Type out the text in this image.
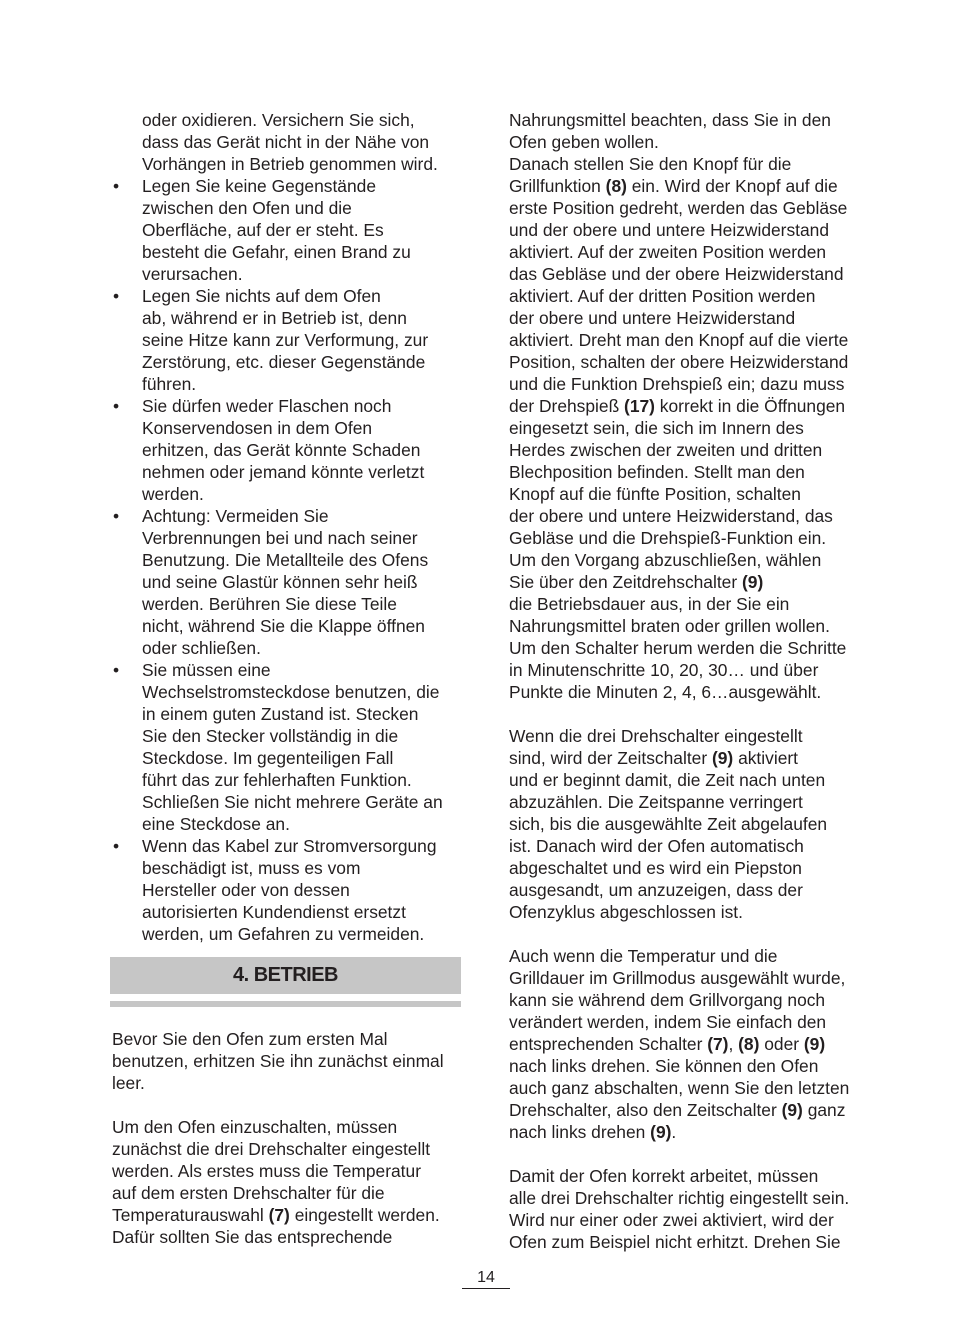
oder oxidieren. Versichern Sie sich,
dass das Gerät nicht in der Nähe von
Vorhängen in Betrieb genommen wird.
• Legen Sie keine Gegenstände
zwischen den Ofen und die
Oberfläche, auf der er steht. Es
besteht die Gefahr, einen Brand zu
verursachen.
• Legen Sie nichts auf dem Ofen
ab, während er in Betrieb ist, denn
seine Hitze kann zur Verformung, zur
Zerstörung, etc. dieser Gegenstände
führen.
• Sie dürfen weder Flaschen noch
Konservendosen in dem Ofen
erhitzen, das Gerät könnte Schaden
nehmen oder jemand könnte verletzt
werden.
• Achtung: Vermeiden Sie
Verbrennungen bei und nach seiner
Benutzung. Die Metallteile des Ofens
und seine Glastür können sehr heiß
werden. Berühren Sie diese Teile
nicht, während Sie die Klappe öffnen
oder schließen.
• Sie müssen eine
Wechselstromsteckdose benutzen, die
in einem guten Zustand ist. Stecken
Sie den Stecker vollständig in die
Steckdose. Im gegenteiligen Fall
führt das zur fehlerhaften Funktion.
Schließen Sie nicht mehrere Geräte an
eine Steckdose an.
• Wenn das Kabel zur Stromversorgung
beschädigt ist, muss es vom
Hersteller oder von dessen
autorisierten Kundendienst ersetzt
werden, um Gefahren zu vermeiden.
4. BETRIEB

Bevor Sie den Ofen zum ersten Mal
benutzen, erhitzen Sie ihn zunächst einmal
leer.

Um den Ofen einzuschalten, müssen
zunächst die drei Drehschalter eingestellt
werden. Als erstes muss die Temperatur
auf dem ersten Drehschalter für die
Temperaturauswahl (7) eingestellt werden.
Dafür sollten Sie das entsprechende

Nahrungsmittel beachten, dass Sie in den
Ofen geben wollen.
Danach stellen Sie den Knopf für die
Grillfunktion (8) ein. Wird der Knopf auf die
erste Position gedreht, werden das Gebläse
und der obere und untere Heizwiderstand
aktiviert. Auf der zweiten Position werden
das Gebläse und der obere Heizwiderstand
aktiviert. Auf der dritten Position werden
der obere und untere Heizwiderstand
aktiviert. Dreht man den Knopf auf die vierte
Position, schalten der obere Heizwiderstand
und die Funktion Drehspieß ein; dazu muss
der Drehspieß (17) korrekt in die Öffnungen
eingesetzt sein, die sich im Innern des
Herdes zwischen der zweiten und dritten
Blechposition befinden. Stellt man den
Knopf auf die fünfte Position, schalten
der obere und untere Heizwiderstand, das
Gebläse und die Drehspieß-Funktion ein.
Um den Vorgang abzuschließen, wählen
Sie über den Zeitdrehschalter (9)
die Betriebsdauer aus, in der Sie ein
Nahrungsmittel braten oder grillen wollen.
Um den Schalter herum werden die Schritte
in Minutenschritte 10, 20, 30… und über
Punkte die Minuten 2, 4, 6…ausgewählt.

Wenn die drei Drehschalter eingestellt
sind, wird der Zeitschalter (9) aktiviert
und er beginnt damit, die Zeit nach unten
abzuzählen. Die Zeitspanne verringert
sich, bis die ausgewählte Zeit abgelaufen
ist. Danach wird der Ofen automatisch
abgeschaltet und es wird ein Piepston
ausgesandt, um anzuzeigen, dass der
Ofenzyklus abgeschlossen ist.

Auch wenn die Temperatur und die
Grilldauer im Grillmodus ausgewählt wurde,
kann sie während dem Grillvorgang noch
verändert werden, indem Sie einfach den
entsprechenden Schalter (7), (8) oder (9)
nach links drehen. Sie können den Ofen
auch ganz abschalten, wenn Sie den letzten
Drehschalter, also den Zeitschalter (9) ganz
nach links drehen (9).

Damit der Ofen korrekt arbeitet, müssen
alle drei Drehschalter richtig eingestellt sein.
Wird nur einer oder zwei aktiviert, wird der
Ofen zum Beispiel nicht erhitzt. Drehen Sie

14
